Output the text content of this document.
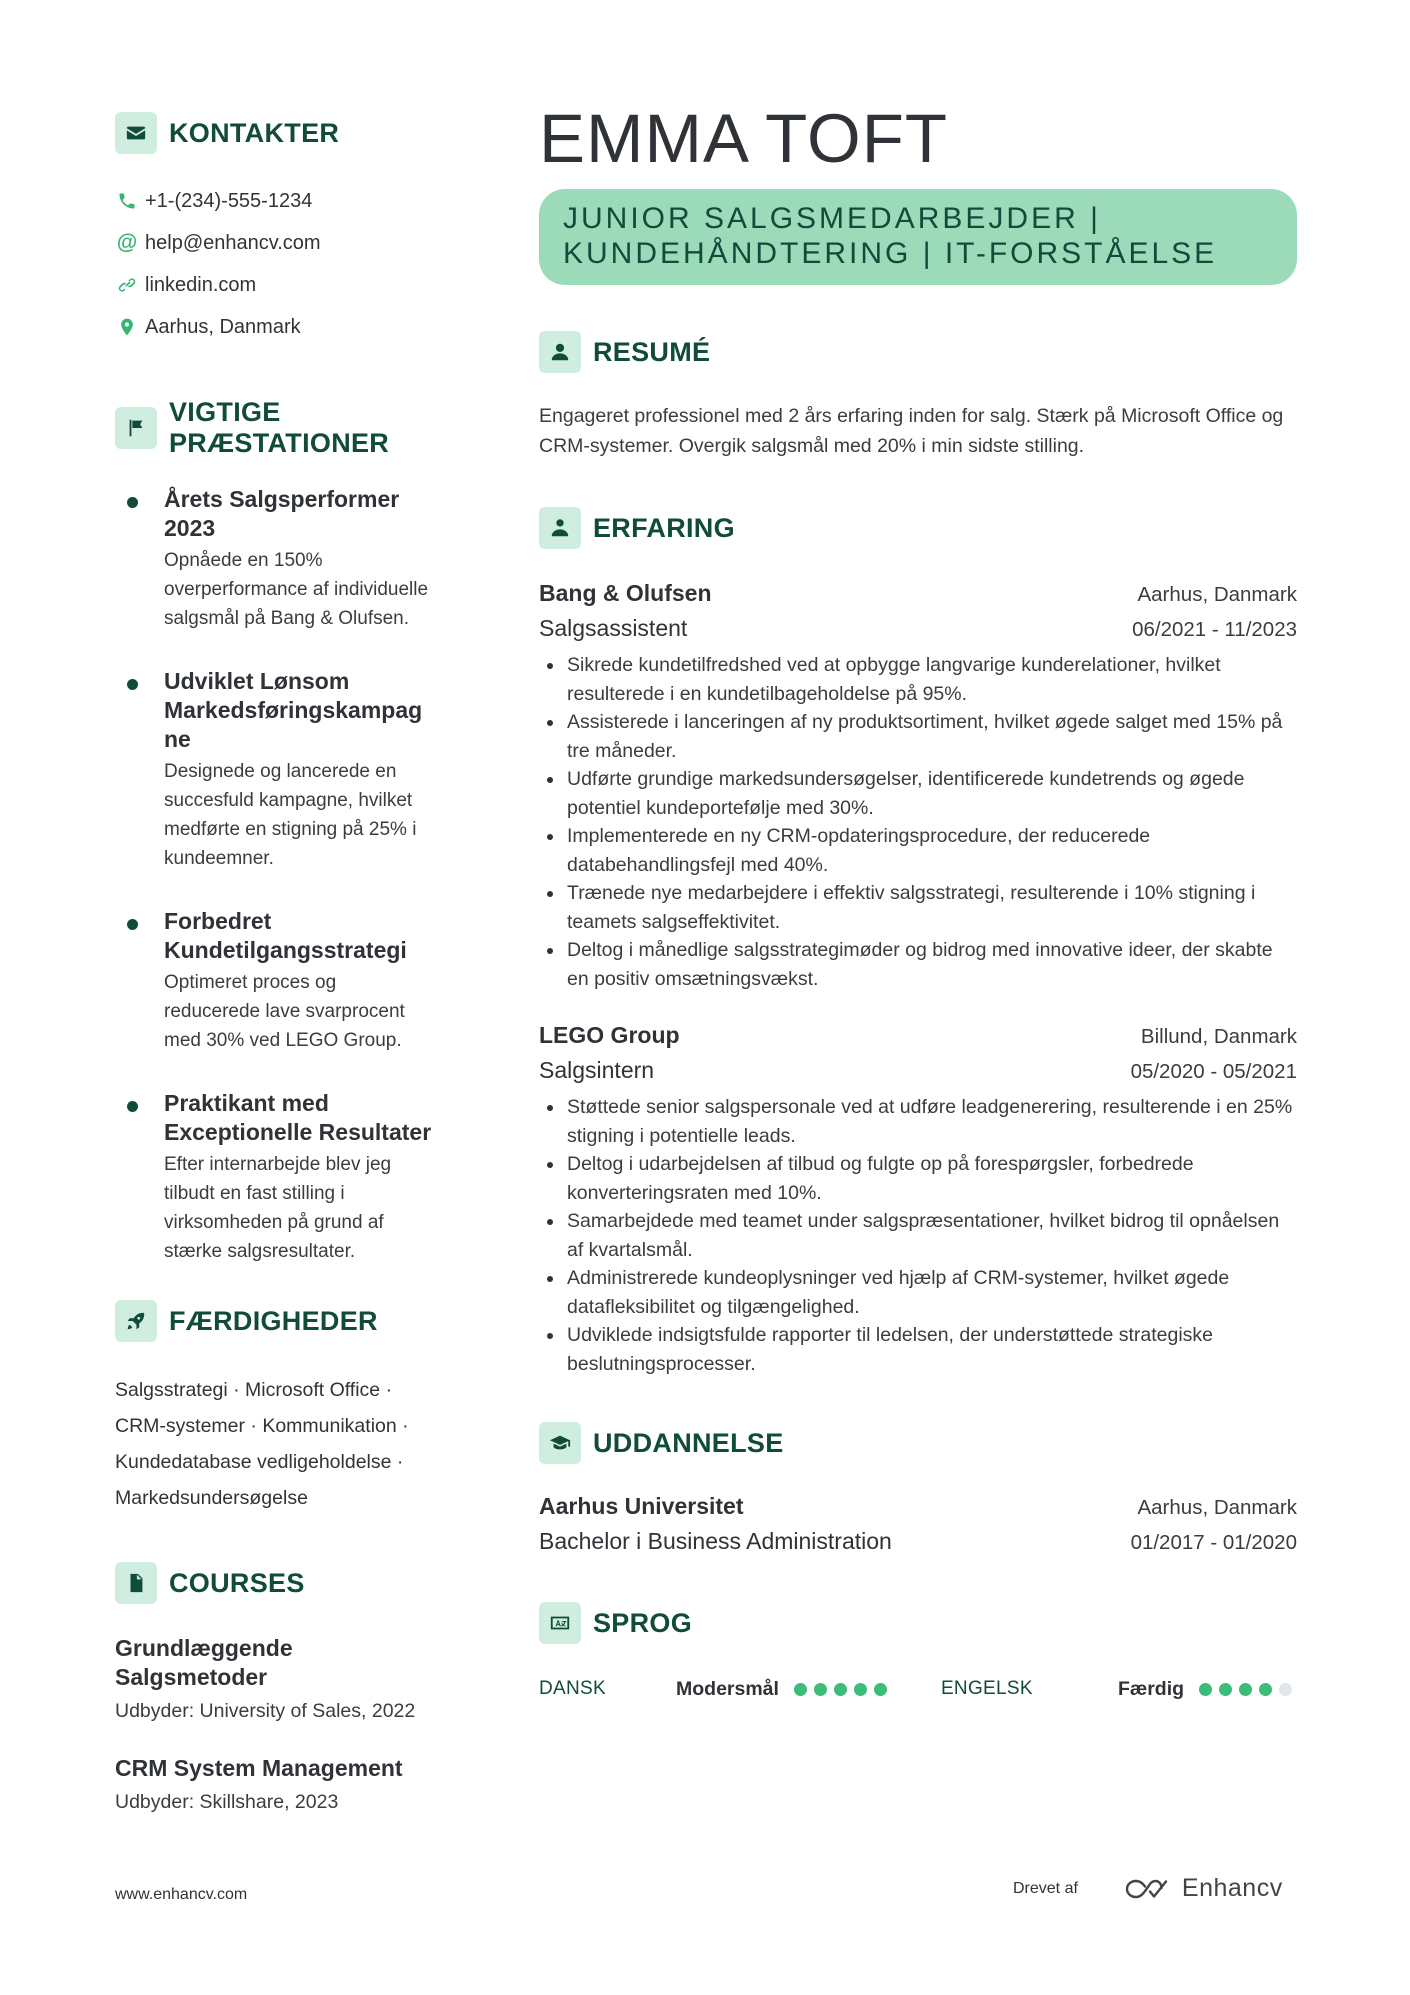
KONTAKTER
+1-(234)-555-1234
@ help@enhancv.com
linkedin.com
Aarhus, Danmark
VIGTIGE PRÆSTATIONER
Årets Salgsperformer 2023
Opnåede en 150% overperformance af individuelle salgsmål på Bang & Olufsen.
Udviklet Lønsom Markedsføringskampag ne
Designede og lancerede en succesfuld kampagne, hvilket medførte en stigning på 25% i kundeemner.
Forbedret Kundetilgangsstrategi
Optimeret proces og reducerede lave svarprocent med 30% ved LEGO Group.
Praktikant med Exceptionelle Resultater
Efter internarbejde blev jeg tilbudt en fast stilling i virksomheden på grund af stærke salgsresultater.
FÆRDIGHEDER
Salgsstrategi · Microsoft Office · CRM-systemer · Kommunikation · Kundedatabase vedligeholdelse · Markedsundersøgelse
COURSES
Grundlæggende Salgsmetoder
Udbyder: University of Sales, 2022
CRM System Management
Udbyder: Skillshare, 2023
EMMA TOFT
JUNIOR SALGSMEDARBEJDER | KUNDEHÅNDTERING | IT-FORSTÅELSE
RESUMÉ
Engageret professionel med 2 års erfaring inden for salg. Stærk på Microsoft Office og CRM-systemer. Overgik salgsmål med 20% i min sidste stilling.
ERFARING
Bang & Olufsen	Aarhus, Danmark
Salgsassistent	06/2021 - 11/2023
Sikrede kundetilfredshed ved at opbygge langvarige kunderelationer, hvilket resulterede i en kundetilbageholdelse på 95%.
Assisterede i lanceringen af ny produktsortiment, hvilket øgede salget med 15% på tre måneder.
Udførte grundige markedsundersøgelser, identificerede kundetrends og øgede potentiel kundeportefølje med 30%.
Implementerede en ny CRM-opdateringsprocedure, der reducerede databehandlingsfejl med 40%.
Trænede nye medarbejdere i effektiv salgsstrategi, resulterende i 10% stigning i teamets salgseffektivitet.
Deltog i månedlige salgsstrategimøder og bidrog med innovative ideer, der skabte en positiv omsætningsvækst.
LEGO Group	Billund, Danmark
Salgsintern	05/2020 - 05/2021
Støttede senior salgspersonale ved at udføre leadgenerering, resulterende i en 25% stigning i potentielle leads.
Deltog i udarbejdelsen af tilbud og fulgte op på forespørgsler, forbedrede konverteringsraten med 10%.
Samarbejdede med teamet under salgspræsentationer, hvilket bidrog til opnåelsen af kvartalsmål.
Administrerede kundeoplysninger ved hjælp af CRM-systemer, hvilket øgede datafleksibilitet og tilgængelighed.
Udviklede indsigtsfulde rapporter til ledelsen, der understøttede strategiske beslutningsprocesser.
UDDANNELSE
Aarhus Universitet	Aarhus, Danmark
Bachelor i Business Administration	01/2017 - 01/2020
SPROG
DANSK	Modersmål	ENGELSK	Færdig
www.enhancv.com	Drevet af	Enhancv
